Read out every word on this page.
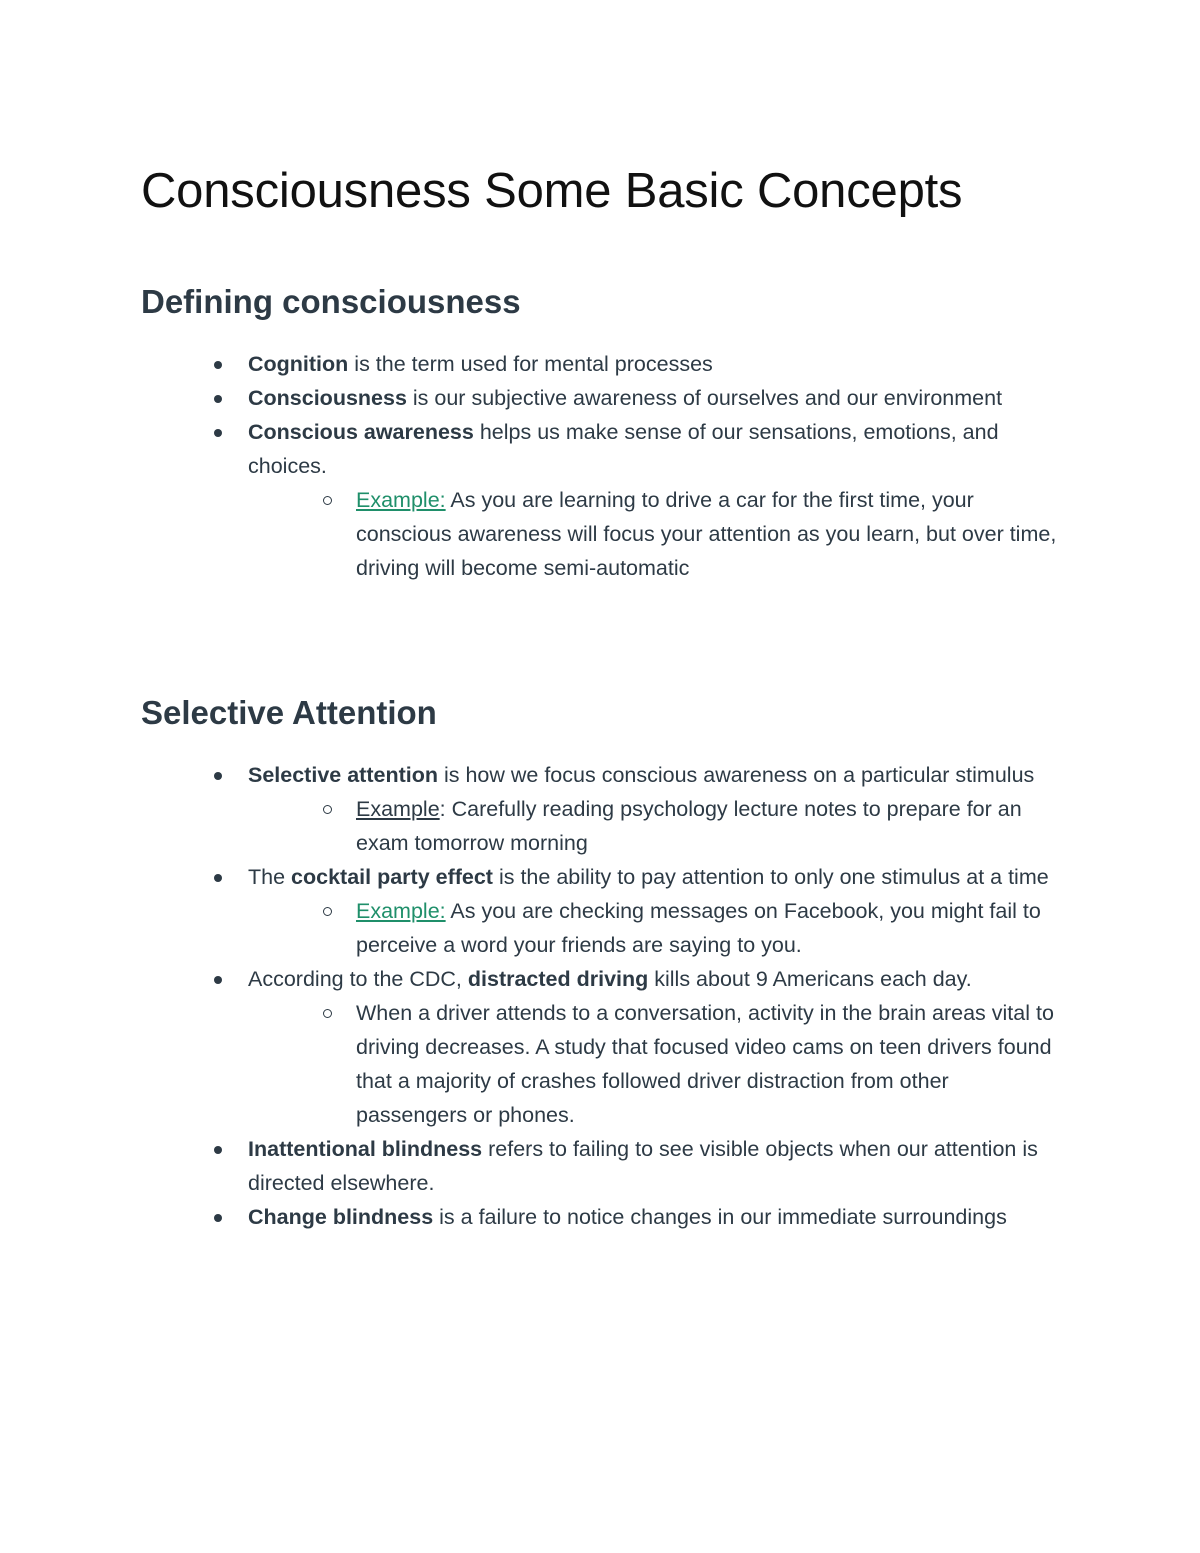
Consciousness Some Basic Concepts
Defining consciousness
Cognition is the term used for mental processes
Consciousness is our subjective awareness of ourselves and our environment
Conscious awareness helps us make sense of our sensations, emotions, and choices.
Example: As you are learning to drive a car for the first time, your conscious awareness will focus your attention as you learn, but over time, driving will become semi-automatic
Selective Attention
Selective attention is how we focus conscious awareness on a particular stimulus
Example: Carefully reading psychology lecture notes to prepare for an exam tomorrow morning
The cocktail party effect is the ability to pay attention to only one stimulus at a time
Example: As you are checking messages on Facebook, you might fail to perceive a word your friends are saying to you.
According to the CDC, distracted driving kills about 9 Americans each day.
When a driver attends to a conversation, activity in the brain areas vital to driving decreases. A study that focused video cams on teen drivers found that a majority of crashes followed driver distraction from other passengers or phones.
Inattentional blindness refers to failing to see visible objects when our attention is directed elsewhere.
Change blindness is a failure to notice changes in our immediate surroundings
